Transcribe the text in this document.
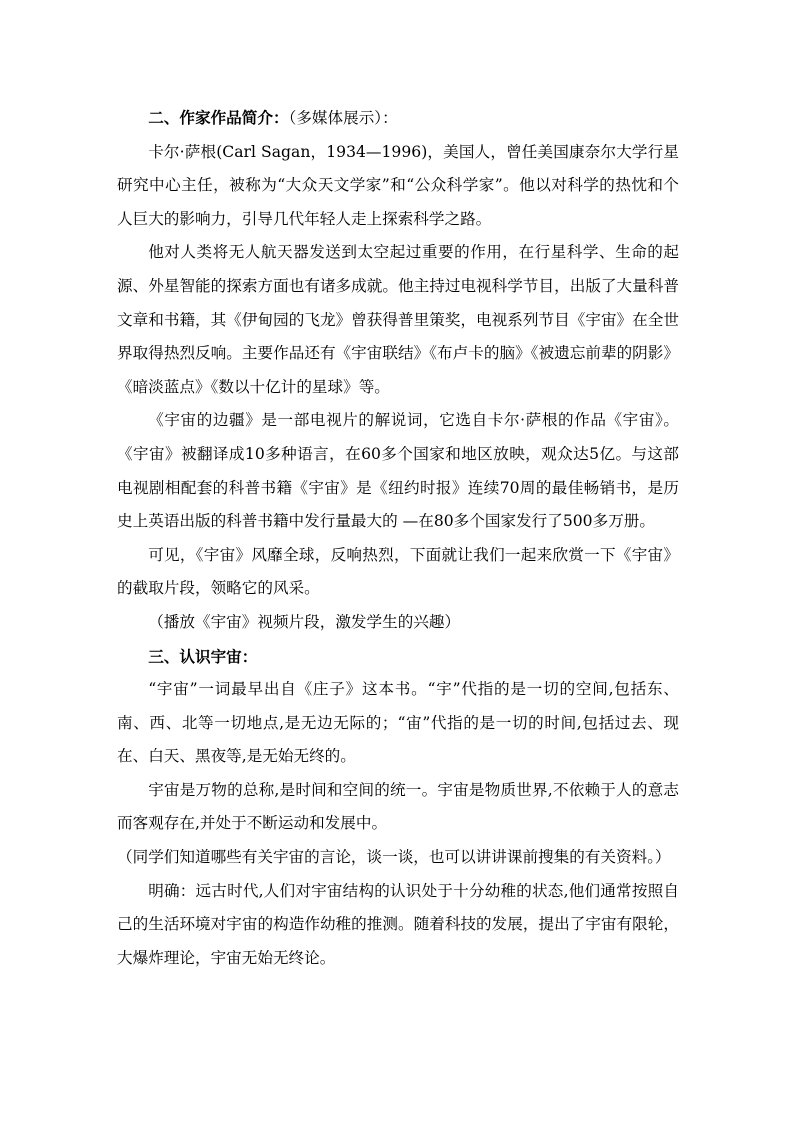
二、作家作品简介：（多媒体展示）：

卡尔·萨根(Carl Sagan，1934—1996)，美国人，曾任美国康奈尔大学行星研究中心主任，被称为“大众天文学家”和“公众科学家”。他以对科学的热忱和个人巨大的影响力，引导几代年轻人走上探索科学之路。

他对人类将无人航天器发送到太空起过重要的作用，在行星科学、生命的起源、外星智能的探索方面也有诸多成就。他主持过电视科学节目，出版了大量科普文章和书籍，其《伊甸园的飞龙》曾获得普里策奖，电视系列节目《宇宙》在全世界取得热烈反响。主要作品还有《宇宙联结》《布卢卡的脑》《被遗忘前辈的阴影》《暗淡蓝点》《数以十亿计的星球》等。

《宇宙的边疆》是一部电视片的解说词，它选自卡尔·萨根的作品《宇宙》。《宇宙》被翻译成10多种语言，在60多个国家和地区放映，观众达5亿。与这部电视剧相配套的科普书籍《宇宙》是《纽约时报》连续70周的最佳畅销书，是历史上英语出版的科普书籍中发行量最大的 —在80多个国家发行了500多万册。

可见，《宇宙》风靡全球，反响热烈，下面就让我们一起来欣赏一下《宇宙》的截取片段，领略它的风采。

（播放《宇宙》视频片段，激发学生的兴趣）

三、认识宇宙：

“宇宙”一词最早出自《庄子》这本书。“宇”代指的是一切的空间,包括东、南、西、北等一切地点,是无边无际的；“宙”代指的是一切的时间,包括过去、现在、白天、黑夜等,是无始无终的。

宇宙是万物的总称,是时间和空间的统一。宇宙是物质世界,不依赖于人的意志而客观存在,并处于不断运动和发展中。

（同学们知道哪些有关宇宙的言论，谈一谈，也可以讲讲课前搜集的有关资料。）

明确：远古时代,人们对宇宙结构的认识处于十分幼稚的状态,他们通常按照自己的生活环境对宇宙的构造作幼稚的推测。随着科技的发展，提出了宇宙有限轮，大爆炸理论，宇宙无始无终论。
